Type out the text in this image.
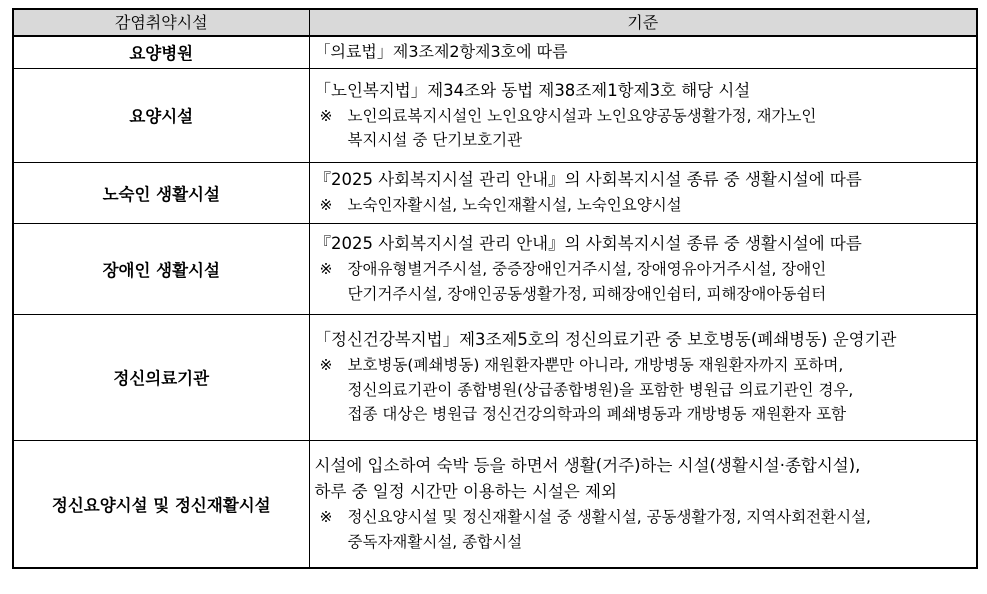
감염취약시설	기준
요양병원	「의료법」제3조제2항제3호에 따름

요양시설	「노인복지법」제34조와 동법 제38조제1항제3호 해당 시설
※ 노인의료복지시설인 노인요양시설과 노인요양공동생활가정, 재가노인
복지시설 중 단기보호기관

노숙인 생활시설	『2025 사회복지시설 관리 안내』의 사회복지시설 종류 중 생활시설에 따름
※ 노숙인자활시설, 노숙인재활시설, 노숙인요양시설

장애인 생활시설	『2025 사회복지시설 관리 안내』의 사회복지시설 종류 중 생활시설에 따름
※ 장애유형별거주시설, 중증장애인거주시설, 장애영유아거주시설, 장애인
단기거주시설, 장애인공동생활가정, 피해장애인쉼터, 피해장애아동쉼터

정신의료기관	「정신건강복지법」제3조제5호의 정신의료기관 중 보호병동(폐쇄병동) 운영기관
※ 보호병동(폐쇄병동) 재원환자뿐만 아니라, 개방병동 재원환자까지 포하며,
정신의료기관이 종합병원(상급종합병원)을 포함한 병원급 의료기관인 경우,
접종 대상은 병원급 정신건강의학과의 폐쇄병동과 개방병동 재원환자 포함

정신요양시설 및 정신재활시설	시설에 입소하여 숙박 등을 하면서 생활(거주)하는 시설(생활시설·종합시설),
하루 중 일정 시간만 이용하는 시설은 제외
※ 정신요양시설 및 정신재활시설 중 생활시설, 공동생활가정, 지역사회전환시설,
중독자재활시설, 종합시설
